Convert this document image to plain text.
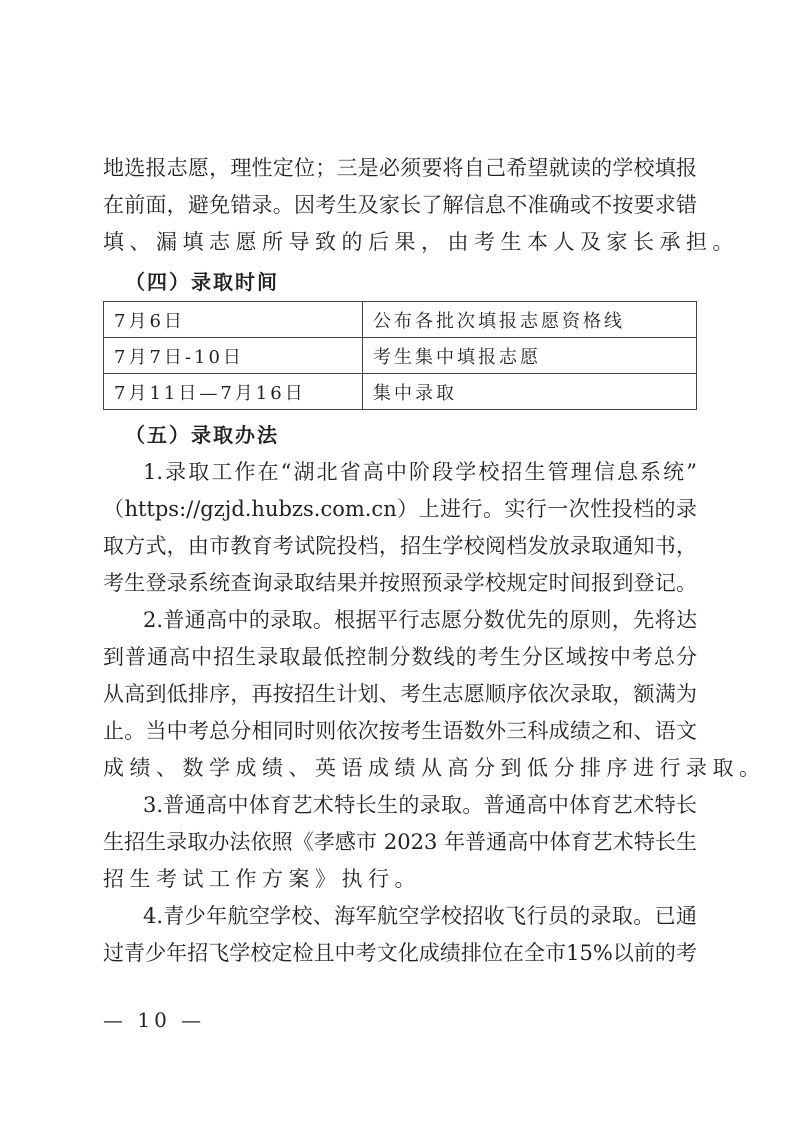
地选报志愿，理性定位；三是必须要将自己希望就读的学校填报
在前面，避免错录。因考生及家长了解信息不准确或不按要求错
填、漏填志愿所导致的后果，由考生本人及家长承担。
（四）录取时间
7月6日	公布各批次填报志愿资格线
7月7日-10日	考生集中填报志愿
7月11日—7月16日	集中录取
（五）录取办法
1.录取工作在“湖北省高中阶段学校招生管理信息系统”
（https://gzjd.hubzs.com.cn）上进行。实行一次性投档的录
取方式，由市教育考试院投档，招生学校阅档发放录取通知书，
考生登录系统查询录取结果并按照预录学校规定时间报到登记。
2.普通高中的录取。根据平行志愿分数优先的原则，先将达
到普通高中招生录取最低控制分数线的考生分区域按中考总分
从高到低排序，再按招生计划、考生志愿顺序依次录取，额满为
止。当中考总分相同时则依次按考生语数外三科成绩之和、语文
成绩、数学成绩、英语成绩从高分到低分排序进行录取。
3.普通高中体育艺术特长生的录取。普通高中体育艺术特长
生招生录取办法依照《孝感市 2023 年普通高中体育艺术特长生
招生考试工作方案》执行。
4.青少年航空学校、海军航空学校招收飞行员的录取。已通
过青少年招飞学校定检且中考文化成绩排位在全市15%以前的考
— 10 —
